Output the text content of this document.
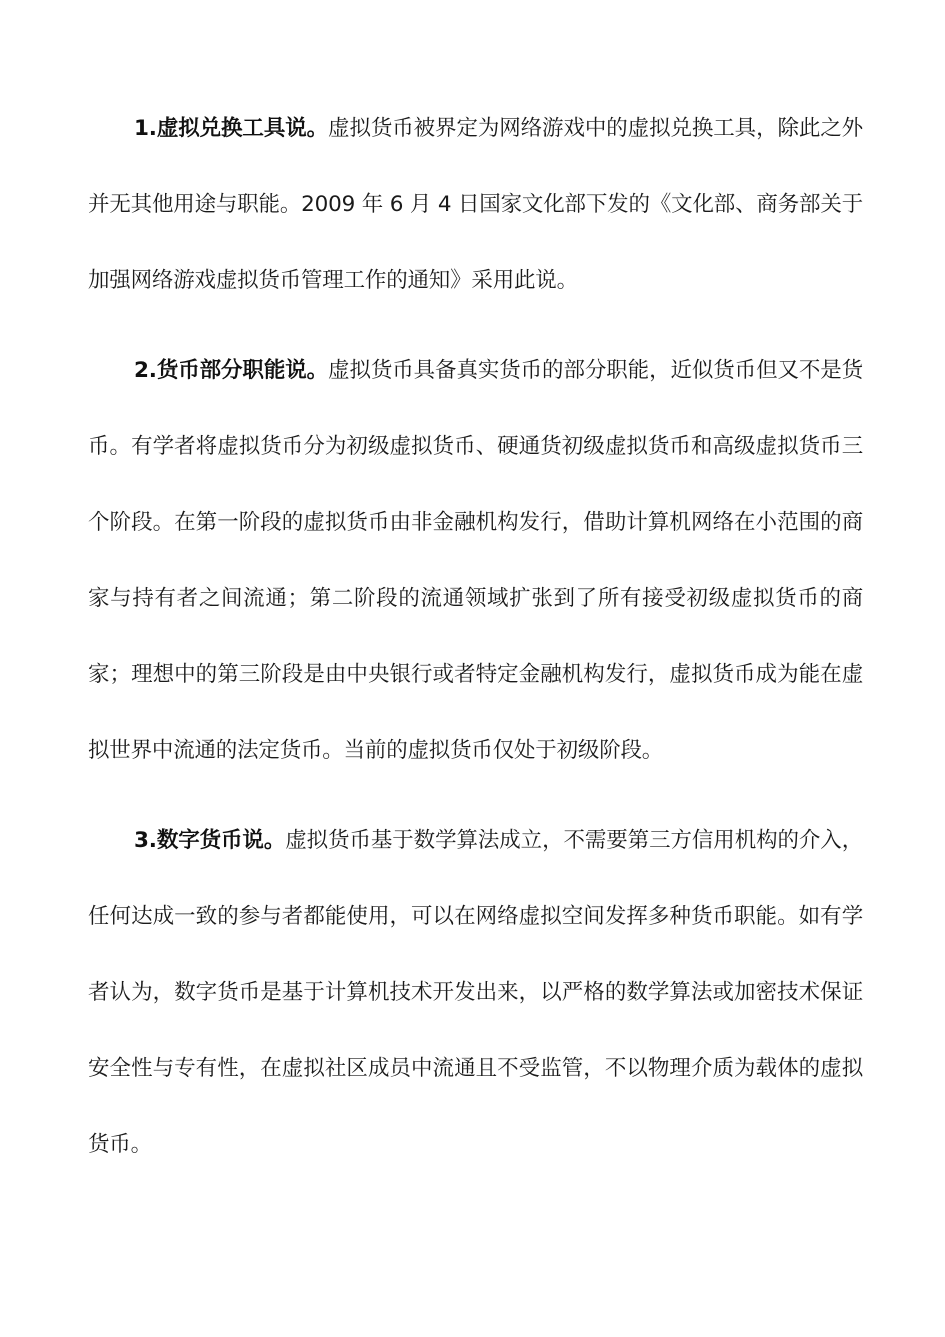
1.虚拟兑换工具说。虚拟货币被界定为网络游戏中的虚拟兑换工具，除此之外并无其他用途与职能。2009 年 6 月 4 日国家文化部下发的《文化部、商务部关于加强网络游戏虚拟货币管理工作的通知》采用此说。

2.货币部分职能说。虚拟货币具备真实货币的部分职能，近似货币但又不是货币。有学者将虚拟货币分为初级虚拟货币、硬通货初级虚拟货币和高级虚拟货币三个阶段。在第一阶段的虚拟货币由非金融机构发行，借助计算机网络在小范围的商家与持有者之间流通；第二阶段的流通领域扩张到了所有接受初级虚拟货币的商家；理想中的第三阶段是由中央银行或者特定金融机构发行，虚拟货币成为能在虚拟世界中流通的法定货币。当前的虚拟货币仅处于初级阶段。

3.数字货币说。虚拟货币基于数学算法成立，不需要第三方信用机构的介入，任何达成一致的参与者都能使用，可以在网络虚拟空间发挥多种货币职能。如有学者认为，数字货币是基于计算机技术开发出来，以严格的数学算法或加密技术保证安全性与专有性，在虚拟社区成员中流通且不受监管，不以物理介质为载体的虚拟货币。
